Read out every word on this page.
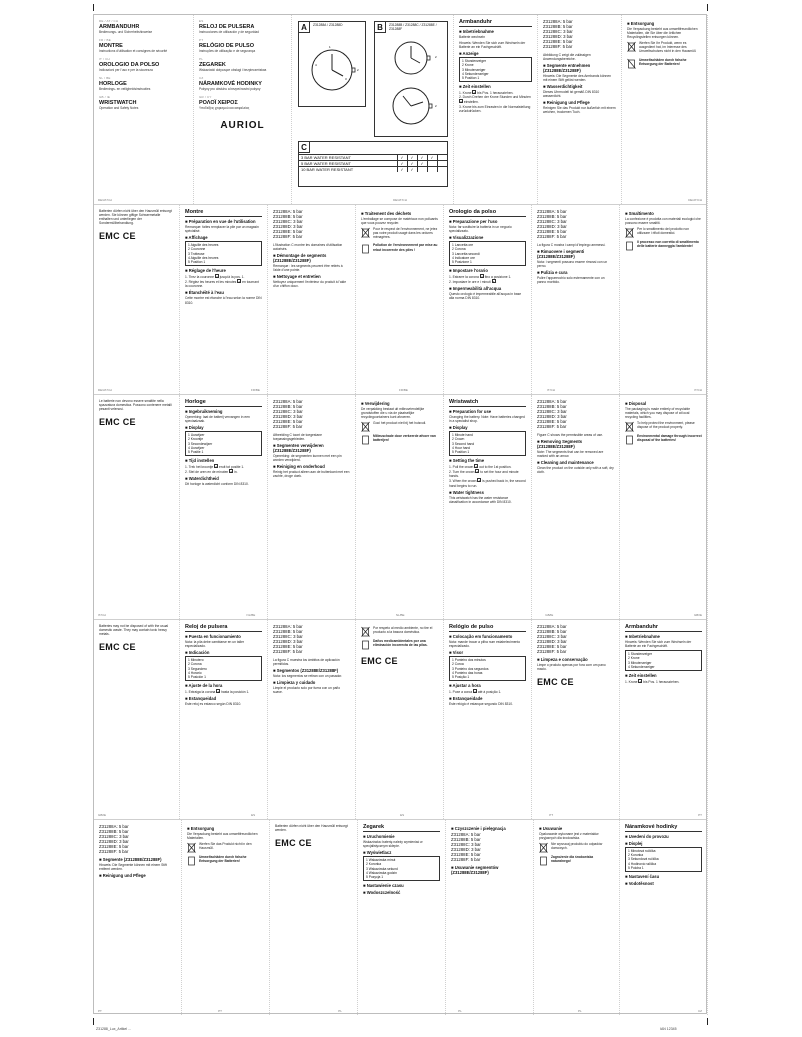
DE / AT / CH
ARMBANDUHR
Bedienungs- und Sicherheitshinweise
FR / BE
MONTRE
Instructions d'utilisation et consignes de sécurité
IT / CH
OROLOGIO DA POLSO
Indicazioni per l'uso e per la sicurezza
NL / BE
HORLOGE
Bedienings- en veiligheidsinstructies
GB / IE
WRISTWATCH
Operation and Safety Notes
ES
RELOJ DE PULSERA
Instrucciones de utilización y de seguridad
PT
RELÓGIO DE PULSO
Instruções de utilização e de segurança
PL
ZEGAREK
Wskazówki dotyczące obsługi i bezpieczeństwa
CZ
NÁRAMKOVÉ HODINKY
Pokyny pro obsluhu a bezpečnostní pokyny
GR / CY
ΡΟΛΟΪ ΧΕΙΡΟΣ
Υποδείξεις χειρισμού και ασφαλείας
AURIOL
A	Z31288A / Z31288D
2
1
3
4
B	Z31288B / Z31288C / Z31288E / Z31288F
2
2
C
3 BAR WATER RESISTANT	✓	✓	✓	✓	
5 BAR WATER RESISTANT	✓	✓	✓		
10 BAR WATER RESISTANT	✓	✓			
Armbanduhr
■ Inbetriebnahme
Batterie wechseln
Hinweis: Wenden Sie sich zum Wechseln der Batterie an ein Fachgeschäft.
■ Anzeige
1 Stundenzeiger
2 Krone
3 Minutenzeiger
4 Sekundenzeiger
5 Position 1
■ Zeit einstellen
1. Krone 2 bis Pos. 1 herausziehen.
2. Durch Drehen der Krone Stunden und Minuten 3 einstellen.
3. Krone bis zum Einrasten in die Normalstellung zurückdrücken.
Z31288A: 5 bar
Z31288B: 5 bar
Z31288C: 3 bar
Z31288D: 3 bar
Z31288E: 5 bar
Z31288F: 5 bar
Abbildung C zeigt die zulässigen Anwendungsbereiche.
■ Segmente entnehmen (Z31288E/Z31288F)
Hinweis: Die Segmente des Armbands können mit einem Stift gelöst werden.
■ Wasserdichtigkeit
Dieses Uhrmodell ist gemäß DIN 8310 wasserdicht.
■ Reinigung und Pflege
Reinigen Sie das Produkt nur äußerlich mit einem weichen, trockenen Tuch.
■ Entsorgung
Die Verpackung besteht aus umweltfreundlichen Materialien, die Sie über die örtlichen Recyclingstellen entsorgen können.
Werfen Sie Ihr Produkt, wenn es ausgedient hat, im Interesse des Umweltschutzes nicht in den Hausmüll.
Umweltschäden durch falsche Entsorgung der Batterien!
DE/AT/CH	DE/AT/CH	DE/AT/CH
Batterien dürfen nicht über den Hausmüll entsorgt werden. Sie können giftige Schwermetalle enthalten und unterliegen der Sondermüllbehandlung.
EMC CE
Montre
■ Préparation en vue de l'utilisation
Remarque: faites remplacer la pile par un magasin spécialisé.
■ Affichage
1 Aiguille des heures
2 Couronne
3 Trotteuse
4 Aiguille des heures
5 Position 1
■ Réglage de l'heure
1. Tirez la couronne 2 jusqu'à la pos. 1.
2. Réglez les heures et les minutes 3 en tournant la couronne.
■ Étanchéité à l'eau
Cette montre est étanche à l'eau selon la norme DIN 8310.
Z31288A: 5 bar
Z31288B: 5 bar
Z31288C: 3 bar
Z31288D: 3 bar
Z31288E: 5 bar
Z31288F: 5 bar
L'illustration C montre les domaines d'utilisation autorisés.
■ Démontage de segments (Z31288E/Z31288F)
Remarque : les segments peuvent être retirés à l'aide d'une pointe.
■ Nettoyage et entretien
Nettoyez uniquement l'extérieur du produit à l'aide d'un chiffon doux.
■ Traitement des déchets
L'emballage se compose de matériaux non polluants que vous pouvez recycler.
Pour le respect de l'environnement, ne jetez pas votre produit usagé dans les ordures ménagères.
Pollution de l'environnement par mise au rebut incorrecte des piles !
Orologio da polso
■ Preparazione per l'uso
Nota: far sostituire la batteria in un negozio specializzato.
■ Visualizzazione
1 Lancetta ore
2 Corona
3 Lancetta secondi
4 Indicatore ore
5 Posizione 1
■ Impostare l'orario
1. Estrarre la corona 2 fino a posizione 1.
2. Impostare le ore e i minuti 3.
■ Impermeabilità all'acqua
Questo orologio è impermeabile all'acqua in base alla norma DIN 8310.
Z31288A: 5 bar
Z31288B: 5 bar
Z31288C: 3 bar
Z31288D: 3 bar
Z31288E: 5 bar
Z31288F: 5 bar
La figura C mostra i campi d'impiego ammessi.
■ Rimuovere i segmenti (Z31288E/Z31288F)
Nota: i segmenti possono essere rimossi con un perno.
■ Pulizia e cura
Pulire l'apparecchio solo esternamente con un panno morbido.
■ Smaltimento
La confezione è prodotta con materiali ecologici che possono essere smaltiti.
Per lo smaltimento del prodotto non utilizzare i rifiuti domestici.
Il processo non corretto di smaltimento delle batterie danneggia l'ambiente!
DE/AT/CH	FR/BE	FR/BE	IT/CH	IT/CH
Le batterie non devono essere smaltite nella spazzatura domestica. Possono contenere metalli pesanti velenosi.
EMC CE
Horloge
■ Ingebruikneming
Opmerking: laat de batterij vervangen in een speciaalzaak.
■ Display
1 Uurwijzer
2 Kroontje
3 Secondewijzer
4 Uurwijzer
5 Positie 1
■ Tijd instellen
1. Trek het kroontje 2 eruit tot positie 1.
2. Stel de uren en de minuten 3 in.
■ Waterdichtheid
Dit horloge is waterdicht conform DIN 8310.
Z31288A: 5 bar
Z31288B: 5 bar
Z31288C: 3 bar
Z31288D: 3 bar
Z31288E: 5 bar
Z31288F: 5 bar
Afbeelding C toont de toegestane toepassingsgebieden.
■ Segmenten verwijderen (Z31288E/Z31288F)
Opmerking: de segmenten kunnen met een pin worden verwijderd.
■ Reiniging en onderhoud
Reinig het product alleen aan de buitenkant met een zachte, droge doek.
■ Verwijdering
De verpakking bestaat uit milieuvriendelijke grondstoffen die u via de plaatselijke recyclingcontainers kunt afvoeren.
Gooi het product niet bij het huisvuil.
Milieuschade door verkeerde afvoer van batterijen!
Wristwatch
■ Preparation for use
Changing the battery. Note: Have batteries changed in a specialist shop.
■ Display
1 Minute hand
2 Crown
3 Second hand
4 Hour hand
5 Position 1
■ Setting the time
1. Pull the crown 2 out to the 1st position.
2. Turn the crown 2 to set the hour and minute hands.
3. When the crown 2 is pushed back in, the second hand begins to run.
■ Water tightness
This wristwatch has the water resistance classification in accordance with DIN 8310.
Z31288A: 5 bar
Z31288B: 5 bar
Z31288C: 3 bar
Z31288D: 3 bar
Z31288E: 5 bar
Z31288F: 5 bar
Figure C shows the permissible areas of use.
■ Removing Segments (Z31288E/Z31288F)
Note: The segments that can be removed are marked with an arrow.
■ Cleaning and maintenance
Clean the product on the outside only with a soft, dry cloth.
■ Disposal
The packaging is made entirely of recyclable materials, which you may dispose of at local recycling facilities.
To help protect the environment, please dispose of the product properly.
Environmental damage through incorrect disposal of the batteries!
IT/CH	NL/BE	NL/BE	GB/IE	GB/IE
Batteries may not be disposed of with the usual domestic waste. They may contain toxic heavy metals.
EMC CE
Reloj de pulsera
■ Puesta en funcionamiento
Nota: la pila debe cambiarse en un taller especializado.
■ Indicación
1 Minutero
2 Corona
3 Segundero
4 Horario
5 Posición 1
■ Ajuste de la hora
1. Extraiga la corona 2 hasta la posición 1.
■ Estanqueidad
Este reloj es estanco según DIN 8310.
Z31288A: 5 bar
Z31288B: 5 bar
Z31288C: 3 bar
Z31288D: 3 bar
Z31288E: 5 bar
Z31288F: 5 bar
La figura C muestra los ámbitos de aplicación permitidos.
■ Segmentos (Z31288E/Z31288F)
Nota: los segmentos se retiran con un pasador.
■ Limpieza y cuidado
Limpie el producto solo por fuera con un paño suave.
Por respeto al medio ambiente, no tire el producto a la basura doméstica.
Daños medioambientales por una eliminación incorrecta de las pilas.
EMC CE
Relógio de pulso
■ Colocação em funcionamento
Nota: mande trocar a pilha num estabelecimento especializado.
■ Visor
1 Ponteiro dos minutos
2 Coroa
3 Ponteiro dos segundos
4 Ponteiro das horas
5 Posição 1
■ Ajustar a hora
1. Puxe a coroa 2 até à posição 1.
■ Estanqueidade
Este relógio é estanque segundo DIN 8310.
Z31288A: 5 bar
Z31288B: 5 bar
Z31288C: 3 bar
Z31288D: 3 bar
Z31288E: 5 bar
Z31288F: 5 bar
■ Limpeza e conservação
Limpe o produto apenas por fora com um pano macio.
EMC CE
Armbanduhr
■ Inbetriebnahme
Hinweis: Wenden Sie sich zum Wechseln der Batterie an ein Fachgeschäft.
1 Stundenzeiger
2 Krone
3 Minutenzeiger
4 Sekundenzeiger
■ Zeit einstellen
1. Krone 2 bis Pos. 1 herausziehen.
GB/IE	ES	ES	PT	PT
Z31288A: 5 bar
Z31288B: 5 bar
Z31288C: 3 bar
Z31288D: 3 bar
Z31288E: 5 bar
Z31288F: 5 bar
■ Segmente (Z31288E/Z31288F)
Hinweis: Die Segmente können mit einem Stift entfernt werden.
■ Reinigung und Pflege
■ Entsorgung
Die Verpackung besteht aus umweltfreundlichen Materialien.
Werfen Sie das Produkt nicht in den Hausmüll.
Umweltschäden durch falsche Entsorgung der Batterien!
Batterien dürfen nicht über den Hausmüll entsorgt werden.
EMC CE
Zegarek
■ Uruchomienie
Wskazówka: baterię należy wymieniać w specjalistycznym sklepie.
■ Wyświetlacz
1 Wskazówka minut
2 Koronka
3 Wskazówka sekund
4 Wskazówka godzin
5 Pozycja 1
■ Nastawienie czasu
■ Wodoszczelność
■ Czyszczenie i pielęgnacja
Z31288A: 5 bar
Z31288B: 5 bar
Z31288C: 3 bar
Z31288D: 3 bar
Z31288E: 5 bar
Z31288F: 5 bar
■ Usuwanie segmentów (Z31288E/Z31288F)
■ Usuwanie
Opakowanie wykonane jest z materiałów przyjaznych dla środowiska.
Nie wyrzucaj produktu do odpadów domowych.
Zagrożenie dla środowiska naturalnego!
Náramkové hodinky
■ Uvedení do provozu
■ Displej
1 Minutová ručička
2 Korunka
3 Sekundová ručička
4 Hodinová ručička
5 Poloha 1
■ Nastavení času
■ Vodotěsnost
PT	PT	PL	PL	PL	CZ
Z31288_Lux_Artikel ...	IAN 12345
